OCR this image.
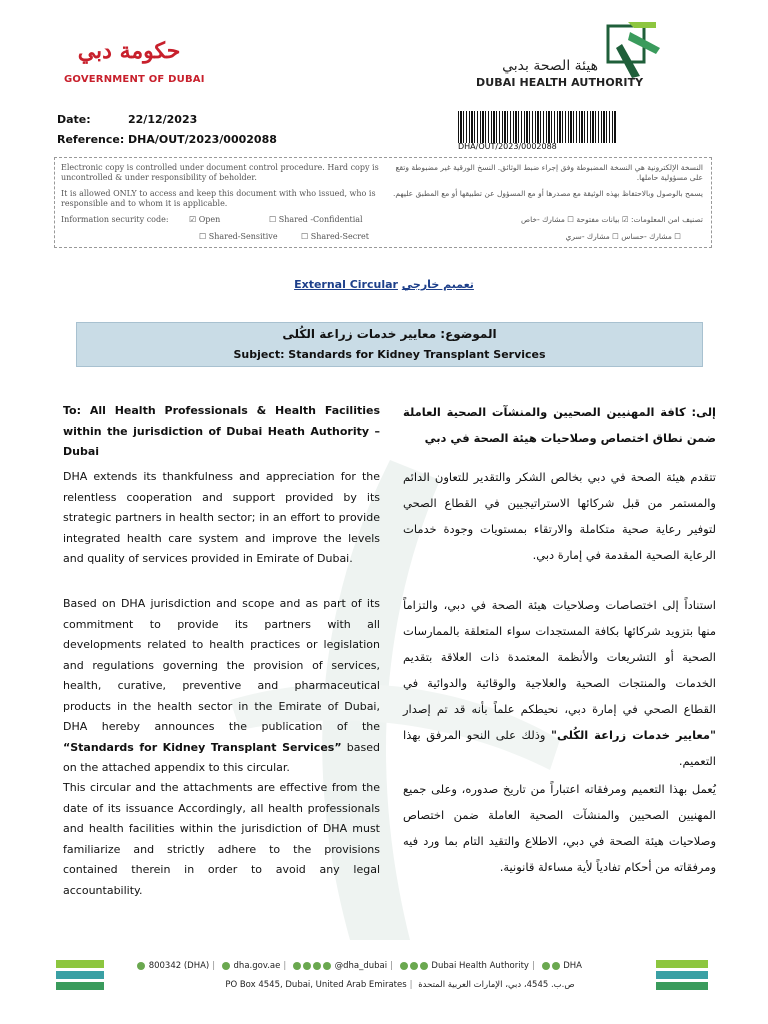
حكومة دبي
GOVERNMENT OF DUBAI
هيئة الصحة بدبي
DUBAI HEALTH AUTHORITY
Date:	22/12/2023
Reference: DHA/OUT/2023/0002088
DHA/OUT/2023/0002088
Electronic copy is controlled under document control procedure. Hard copy is uncontrolled & under responsibility of beholder.
It is allowed ONLY to access and keep this document with who issued, who is responsible and to whom it is applicable.
Information security code:	☑ Open	☐ Shared -Confidential
☐ Shared-Sensitive	☐ Shared-Secret
النسخة الإلكترونية هي النسخة المضبوطة وفق إجراء ضبط الوثائق. النسخ الورقية غير مضبوطة وتقع على مسؤولية حاملها.
يسمح بالوصول وبالاحتفاظ بهذه الوثيقة مع مصدرها أو مع المسؤول عن تطبيقها أو مع المطبق عليهم.
تصنيف امن المعلومات: ☑ بيانات مفتوحة ☐ مشارك -خاص
☐ مشارك -حساس ☐ مشارك -سري
External Circular تعميم خارجي
الموضوع: معايير خدمات زراعة الكُلى
Subject: Standards for Kidney Transplant Services
To: All Health Professionals & Health Facilities within the jurisdiction of Dubai Heath Authority –Dubai
DHA extends its thankfulness and appreciation for the relentless cooperation and support provided by its strategic partners in health sector; in an effort to provide integrated health care system and improve the levels and quality of services provided in Emirate of Dubai.
Based on DHA jurisdiction and scope and as part of its commitment to provide its partners with all developments related to health practices or legislation and regulations governing the provision of services, health, curative, preventive and pharmaceutical products in the health sector in the Emirate of Dubai, DHA hereby announces the publication of the “Standards for Kidney Transplant Services” based on the attached appendix to this circular.
This circular and the attachments are effective from the date of its issuance Accordingly, all health professionals and health facilities within the jurisdiction of DHA must familiarize and strictly adhere to the provisions contained therein in order to avoid any legal accountability.
إلى: كافة المهنيين الصحيين والمنشآت الصحية العاملة ضمن نطاق اختصاص وصلاحيات هيئة الصحة في دبي
تتقدم هيئة الصحة في دبي بخالص الشكر والتقدير للتعاون الدائم والمستمر من قبل شركائها الاستراتيجيين في القطاع الصحي لتوفير رعاية صحية متكاملة والارتقاء بمستويات وجودة خدمات الرعاية الصحية المقدمة في إمارة دبي.
استناداً إلى اختصاصات وصلاحيات هيئة الصحة في دبي، والتزاماً منها بتزويد شركائها بكافة المستجدات سواء المتعلقة بالممارسات الصحية أو التشريعات والأنظمة المعتمدة ذات العلاقة بتقديم الخدمات والمنتجات الصحية والعلاجية والوقائية والدوائية في القطاع الصحي في إمارة دبي، نحيطكم علماً بأنه قد تم إصدار "معايير خدمات زراعة الكُلى" وذلك على النحو المرفق بهذا التعميم.
يُعمل بهذا التعميم ومرفقاته اعتباراً من تاريخ صدوره، وعلى جميع المهنيين الصحيين والمنشآت الصحية العاملة ضمن اختصاص وصلاحيات هيئة الصحة في دبي، الاطلاع والتقيد التام بما ورد فيه ومرفقاته من أحكام تفادياً لأية مساءلة قانونية.
800342 (DHA) | dha.gov.ae |	@dha_dubai |	Dubai Health Authority |	DHA
PO Box 4545, Dubai, United Arab Emirates | ص.ب. 4545، دبي، الإمارات العربية المتحدة
